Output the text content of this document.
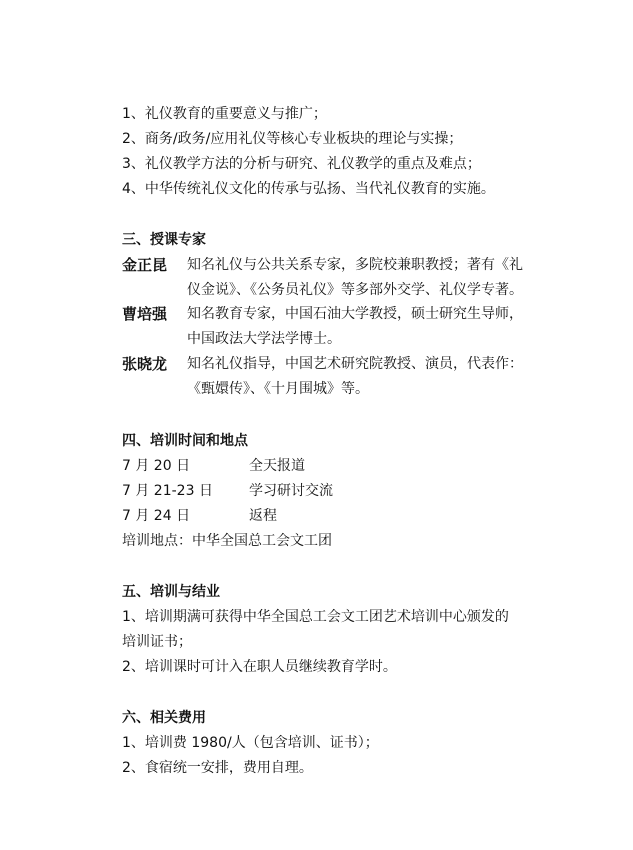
1、礼仪教育的重要意义与推广；
2、商务/政务/应用礼仪等核心专业板块的理论与实操；
3、礼仪教学方法的分析与研究、礼仪教学的重点及难点；
4、中华传统礼仪文化的传承与弘扬、当代礼仪教育的实施。
三、授课专家
金正昆 知名礼仪与公共关系专家，多院校兼职教授；著有《礼
仪金说》、《公务员礼仪》等多部外交学、礼仪学专著。
曹培强 知名教育专家，中国石油大学教授，硕士研究生导师，
中国政法大学法学博士。
张晓龙 知名礼仪指导，中国艺术研究院教授、演员，代表作：
《甄嬛传》、《十月围城》等。
四、培训时间和地点
7 月 20 日	全天报道
7 月 21-23 日	学习研讨交流
7 月 24 日	返程
培训地点：中华全国总工会文工团
五、培训与结业
1、培训期满可获得中华全国总工会文工团艺术培训中心颁发的
培训证书；
2、培训课时可计入在职人员继续教育学时。
六、相关费用
1、培训费 1980/人（包含培训、证书）；
2、食宿统一安排，费用自理。
